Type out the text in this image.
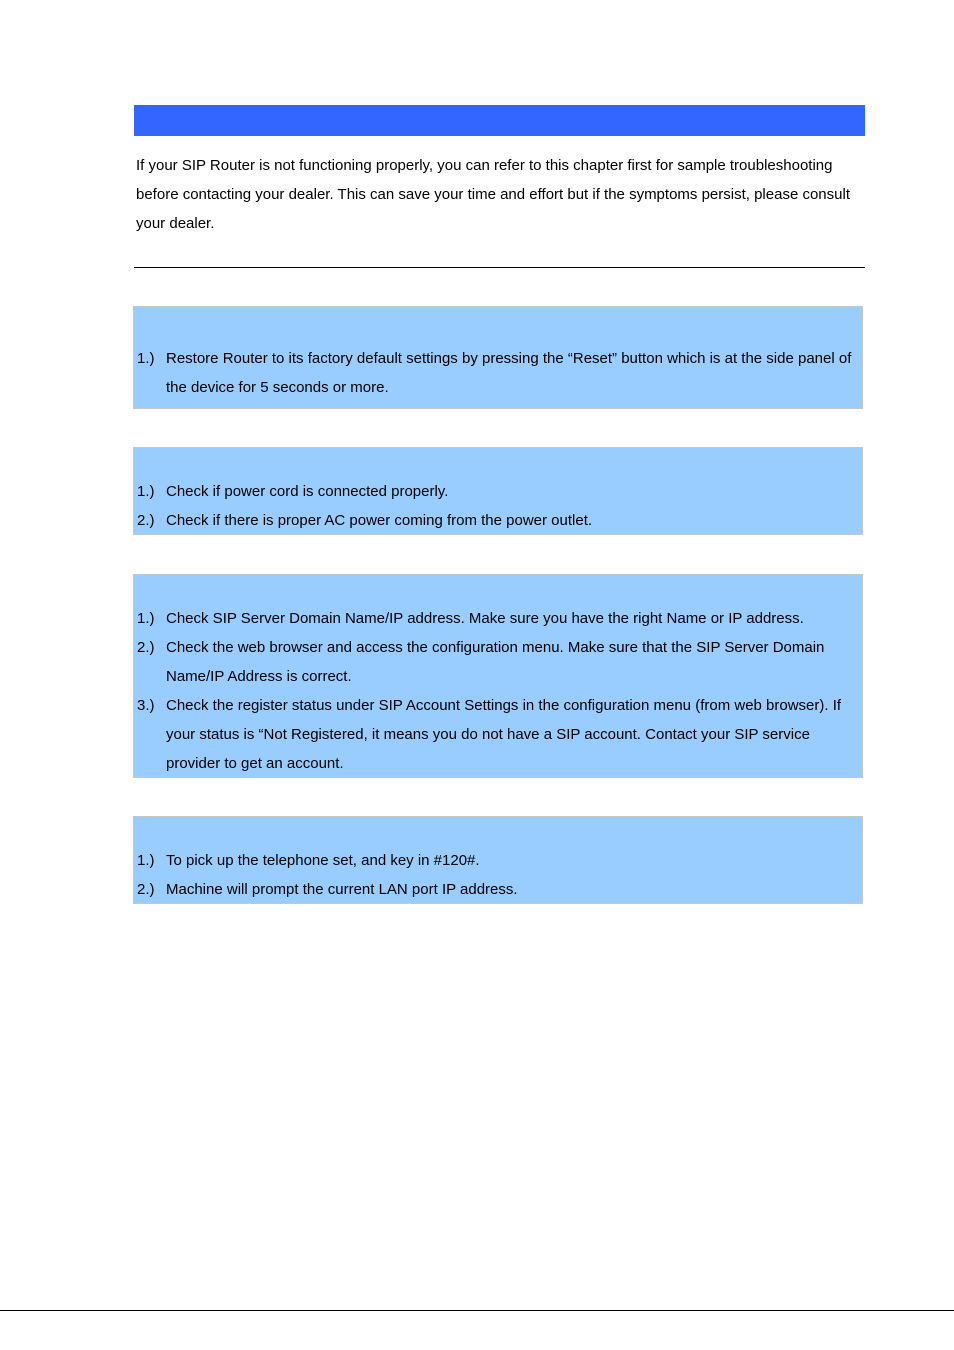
If your SIP Router is not functioning properly, you can refer to this chapter first for sample troubleshooting before contacting your dealer. This can save your time and effort but if the symptoms persist, please consult your dealer.

1.) Restore Router to its factory default settings by pressing the “Reset” button which is at the side panel of the device for 5 seconds or more.
1.) Check if power cord is connected properly.
2.) Check if there is proper AC power coming from the power outlet.
1.) Check SIP Server Domain Name/IP address. Make sure you have the right Name or IP address.
2.) Check the web browser and access the configuration menu. Make sure that the SIP Server Domain Name/IP Address is correct.
3.) Check the register status under SIP Account Settings in the configuration menu (from web browser). If your status is “Not Registered, it means you do not have a SIP account. Contact your SIP service provider to get an account.
1.) To pick up the telephone set, and key in #120#.
2.) Machine will prompt the current LAN port IP address.
